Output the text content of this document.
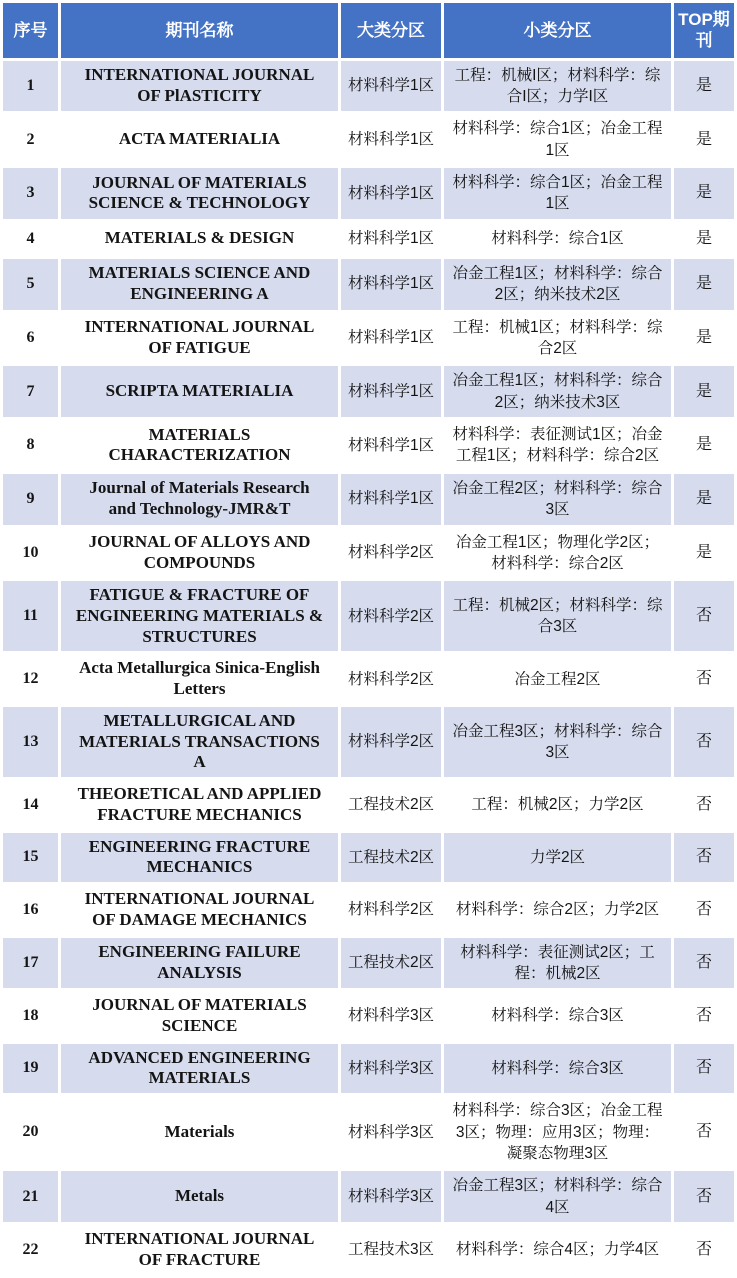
序号	期刊名称	大类分区	小类分区	TOP期刊
1	INTERNATIONAL JOURNAL OF PlASTICITY	材料科学1区	工程：机械I区；材料科学：综合I区；力学I区	是
2	ACTA MATERIALIA	材料科学1区	材料科学：综合1区；冶金工程1区	是
3	JOURNAL OF MATERIALS SCIENCE & TECHNOLOGY	材料科学1区	材料科学：综合1区；冶金工程1区	是
4	MATERIALS & DESIGN	材料科学1区	材料科学：综合1区	是
5	MATERIALS SCIENCE AND ENGINEERING A	材料科学1区	冶金工程1区；材料科学：综合2区；纳米技术2区	是
6	INTERNATIONAL JOURNAL OF FATIGUE	材料科学1区	工程：机械1区；材料科学：综合2区	是
7	SCRIPTA MATERIALIA	材料科学1区	冶金工程1区；材料科学：综合2区；纳米技术3区	是
8	MATERIALS CHARACTERIZATION	材料科学1区	材料科学：表征测试1区；冶金工程1区；材料科学：综合2区	是
9	Journal of Materials Research and Technology-JMR&T	材料科学1区	冶金工程2区；材料科学：综合3区	是
10	JOURNAL OF ALLOYS AND COMPOUNDS	材料科学2区	冶金工程1区；物理化学2区；材料科学：综合2区	是
11	FATIGUE & FRACTURE OF ENGINEERING MATERIALS & STRUCTURES	材料科学2区	工程：机械2区；材料科学：综合3区	否
12	Acta Metallurgica Sinica-English Letters	材料科学2区	冶金工程2区	否
13	METALLURGICAL AND MATERIALS TRANSACTIONS A	材料科学2区	冶金工程3区；材料科学：综合3区	否
14	THEORETICAL AND APPLIED FRACTURE MECHANICS	工程技术2区	工程：机械2区；力学2区	否
15	ENGINEERING FRACTURE MECHANICS	工程技术2区	力学2区	否
16	INTERNATIONAL JOURNAL OF DAMAGE MECHANICS	材料科学2区	材料科学：综合2区；力学2区	否
17	ENGINEERING FAILURE ANALYSIS	工程技术2区	材料科学：表征测试2区；工程：机械2区	否
18	JOURNAL OF MATERIALS SCIENCE	材料科学3区	材料科学：综合3区	否
19	ADVANCED ENGINEERING MATERIALS	材料科学3区	材料科学：综合3区	否
20	Materials	材料科学3区	材料科学：综合3区；冶金工程3区；物理：应用3区；物理：凝聚态物理3区	否
21	Metals	材料科学3区	冶金工程3区；材料科学：综合4区	否
22	INTERNATIONAL JOURNAL OF FRACTURE	工程技术3区	材料科学：综合4区；力学4区	否
